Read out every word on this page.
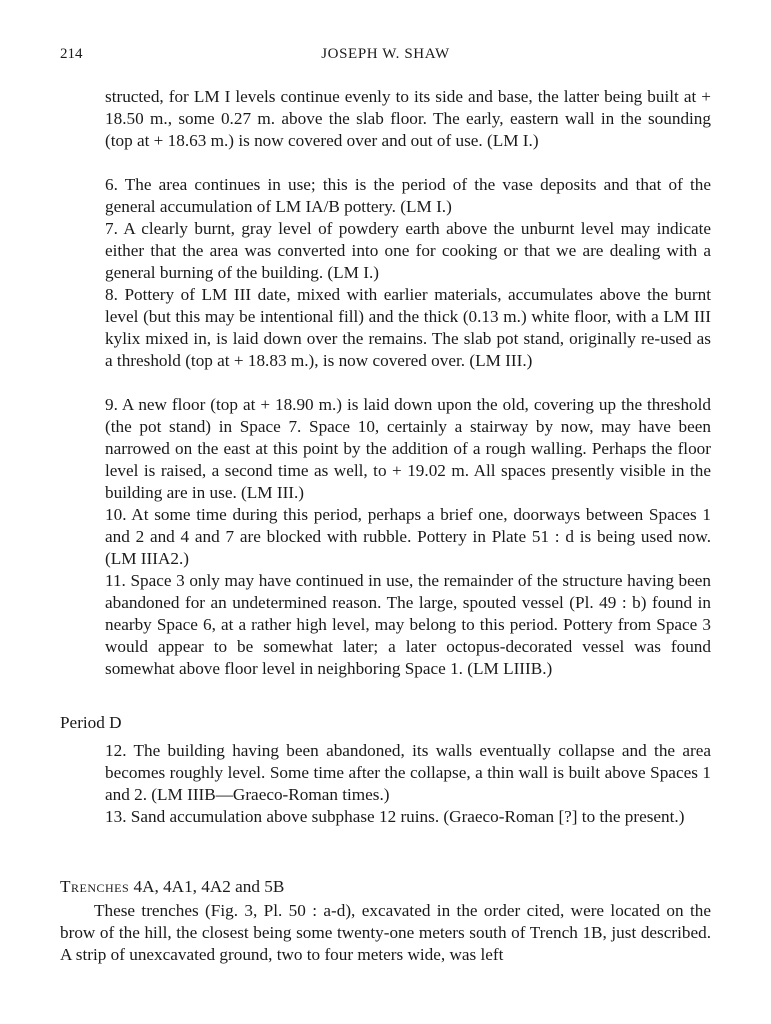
214	JOSEPH W. SHAW

structed, for LM I levels continue evenly to its side and base, the latter being built at + 18.50 m., some 0.27 m. above the slab floor. The early, eastern wall in the sounding (top at + 18.63 m.) is now covered over and out of use. (LM I.)

6. The area continues in use; this is the period of the vase deposits and that of the general accumulation of LM IA/B pottery. (LM I.)

7. A clearly burnt, gray level of powdery earth above the unburnt level may indicate either that the area was converted into one for cooking or that we are dealing with a general burning of the building. (LM I.)

8. Pottery of LM III date, mixed with earlier materials, accumulates above the burnt level (but this may be intentional fill) and the thick (0.13 m.) white floor, with a LM III kylix mixed in, is laid down over the remains. The slab pot stand, originally re-used as a threshold (top at + 18.83 m.), is now covered over. (LM III.)

9. A new floor (top at + 18.90 m.) is laid down upon the old, covering up the threshold (the pot stand) in Space 7. Space 10, certainly a stairway by now, may have been narrowed on the east at this point by the addition of a rough walling. Perhaps the floor level is raised, a second time as well, to + 19.02 m. All spaces presently visible in the building are in use. (LM III.)

10. At some time during this period, perhaps a brief one, doorways between Spaces 1 and 2 and 4 and 7 are blocked with rubble. Pottery in Plate 51 : d is being used now. (LM IIIA2.)

11. Space 3 only may have continued in use, the remainder of the structure having been abandoned for an undetermined reason. The large, spouted vessel (Pl. 49 : b) found in nearby Space 6, at a rather high level, may belong to this period. Pottery from Space 3 would appear to be somewhat later; a later octopus-decorated vessel was found somewhat above floor level in neighboring Space 1. (LM LIIIB.)

Period D

12. The building having been abandoned, its walls eventually collapse and the area becomes roughly level. Some time after the collapse, a thin wall is built above Spaces 1 and 2. (LM IIIB—Graeco-Roman times.)

13. Sand accumulation above subphase 12 ruins. (Graeco-Roman [?] to the present.)

Trenches 4A, 4A1, 4A2 and 5B

These trenches (Fig. 3, Pl. 50 : a-d), excavated in the order cited, were located on the brow of the hill, the closest being some twenty-one meters south of Trench 1B, just described. A strip of unexcavated ground, two to four meters wide, was left
